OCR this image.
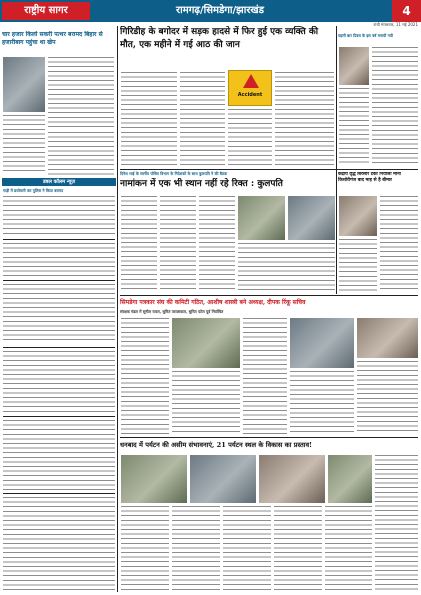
राष्ट्रीय सागर	रामगढ़/सिमडेगा/झारखंड	4
रांची मंगलवार, 11 मई 2021
चार हजार किलो सकरी पत्थर बरामद बिहार से हजारीबाग पहुंचा था खेप
डबल कॉलम न्यूज़
गाड़ी में छापेमारी कर पुलिस ने किया बरामद
गिरिडीह के बगोदर में सड़क हादसे में फिर हुई एक व्यक्ति की मौत, एक महीने में गई आठ की जान
Accident
पहली बार दिवस के इस वर्ष मनायी गयी
दिनेश भाई के स्वर्गीय पोषित विभाग के निदेशकों के साथ कुलपति ने की बैठक
नामांकन में एक भी स्थान नहीं रहे रिक्त : कुलपति
केंद्रीय वृद्ध बिरसोर टका नियाजी मीना किशोरीगंज बाद माह से है बीमार
सिमडेगा पत्रकार संघ की कमिटी गठित, आशीष शास्त्री बने अध्यक्ष, दीपक रिंकू सचिव
संरक्षक मंडल में सुनील रावल, सुमित जायसवाल, सुमित पटेल पूर्व निर्वाचित
धनबाद में पर्यटन की असीम संभावनाएं, 21 पर्यटन स्थल के विकास का प्रस्ताव!
